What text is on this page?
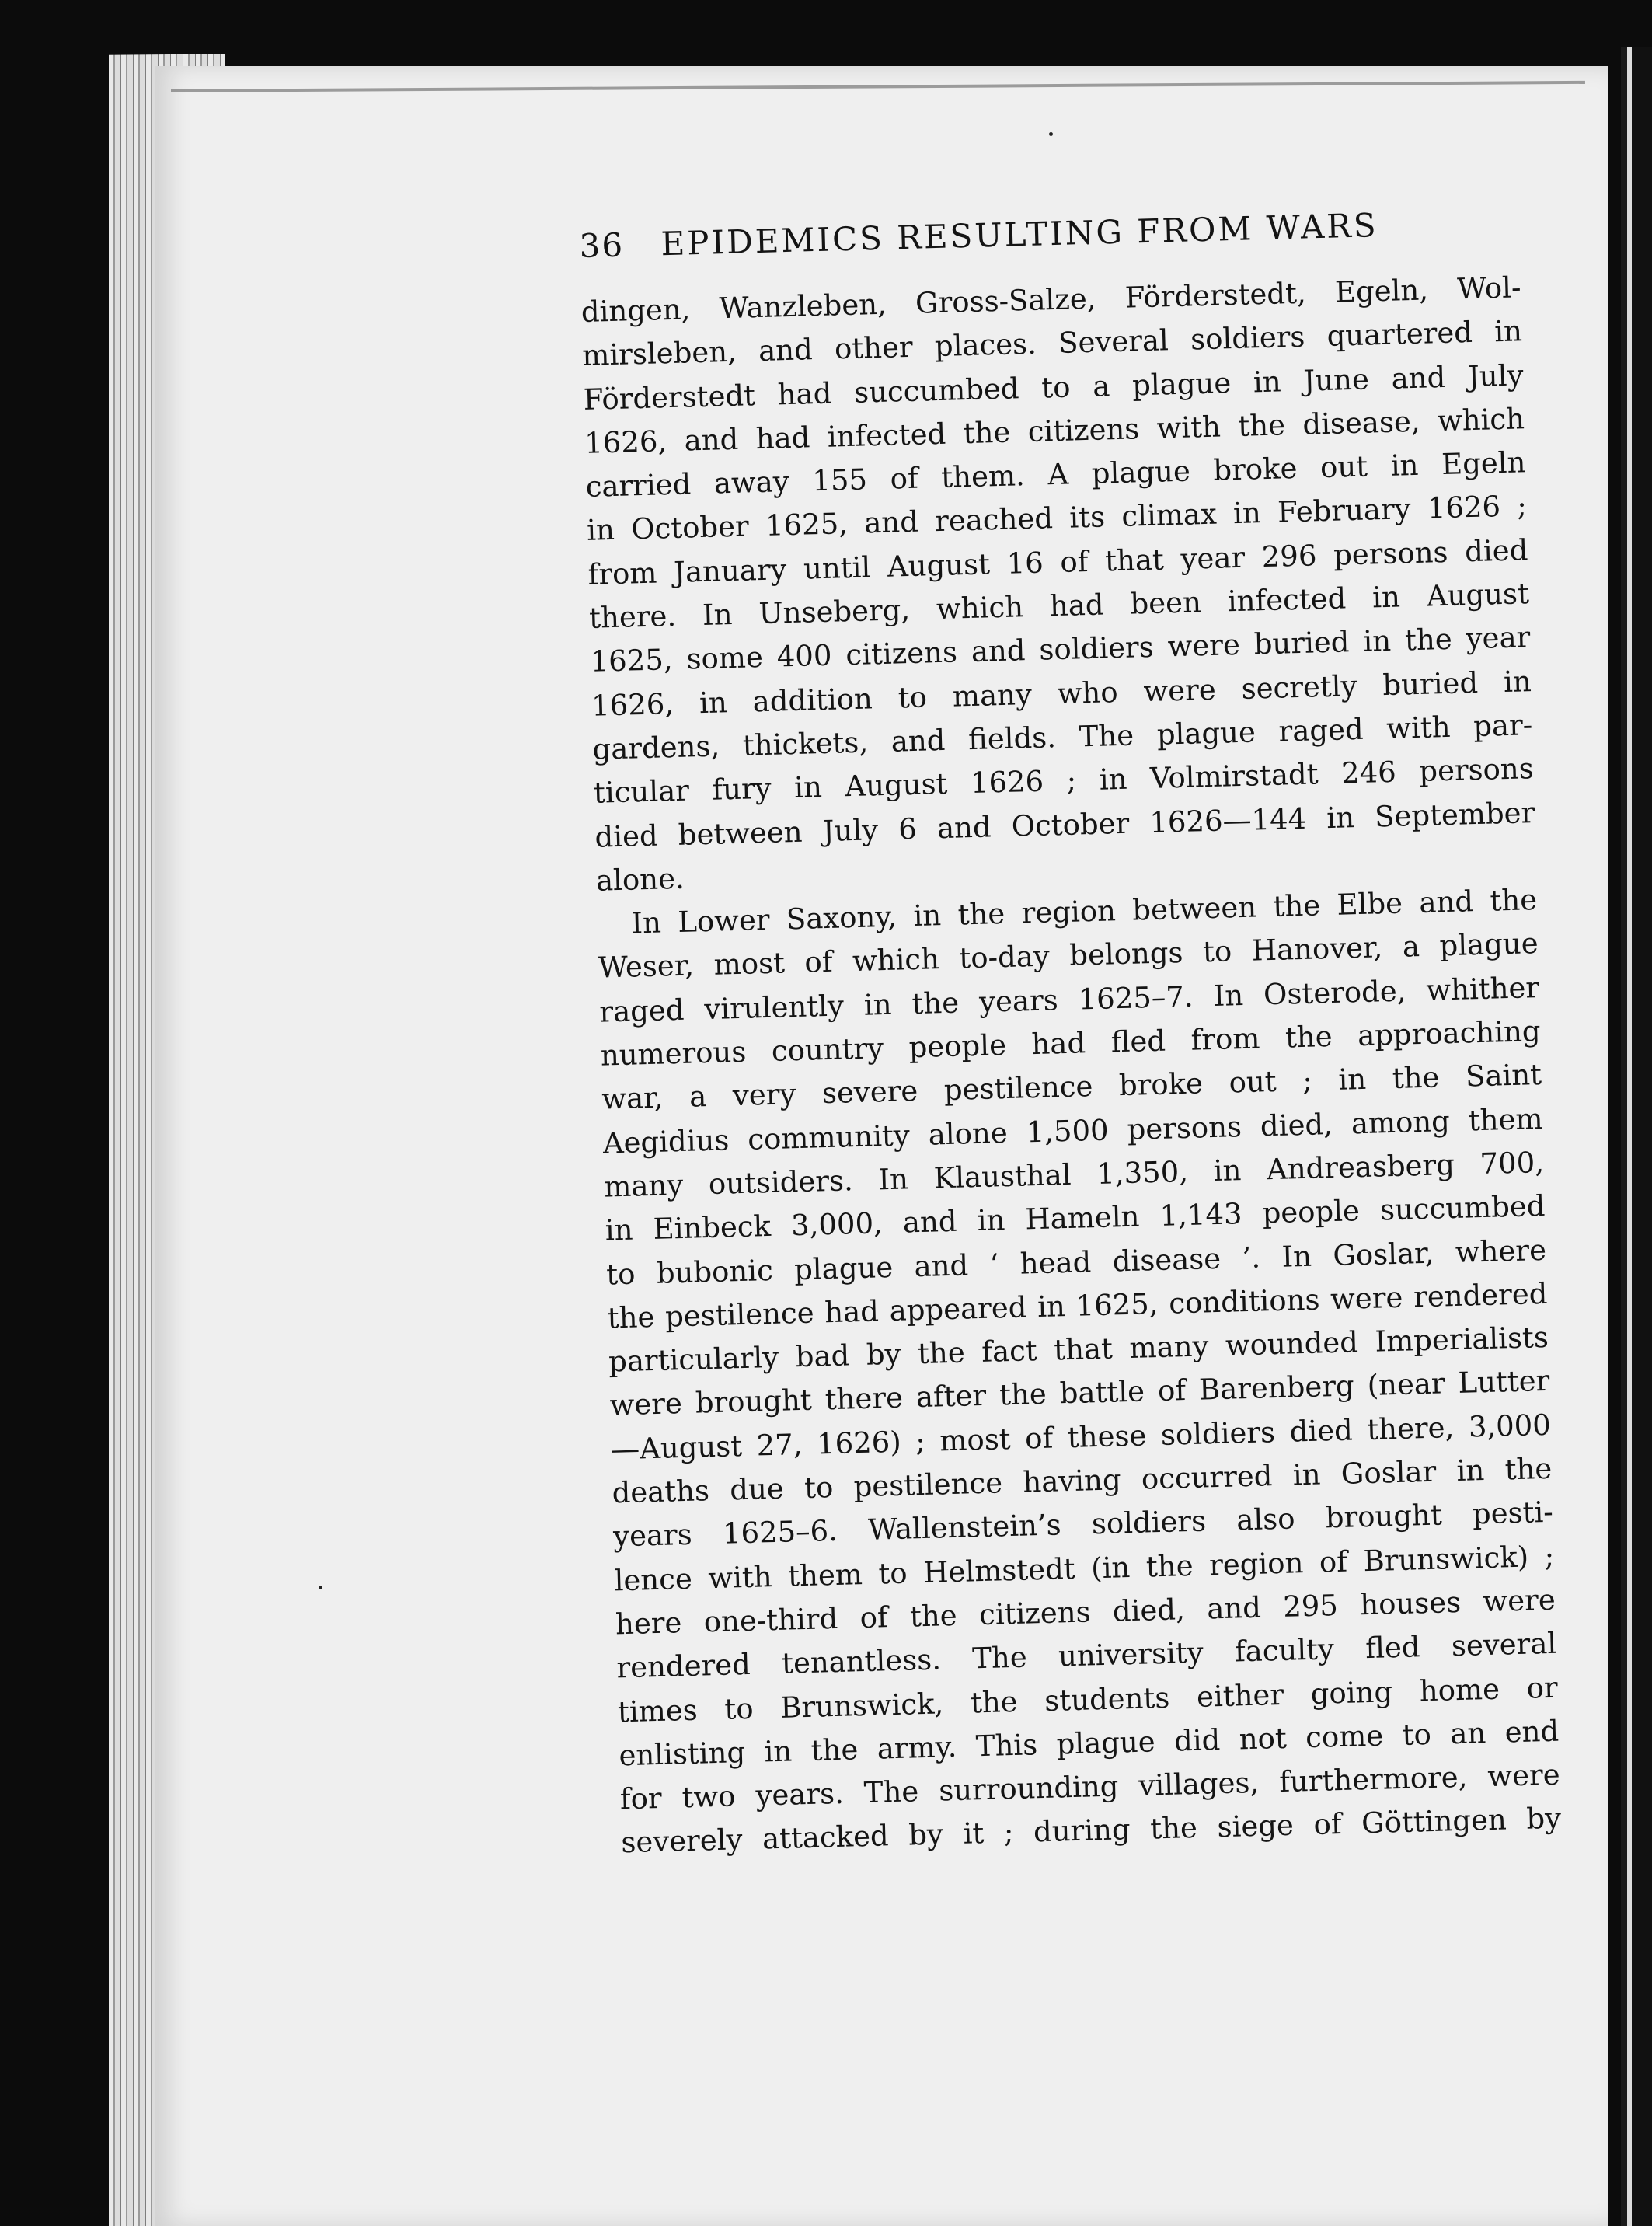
36 EPIDEMICS RESULTING FROM WARS
dingen, Wanzleben, Gross-Salze, Förderstedt, Egeln, Wol-
mirsleben, and other places. Several soldiers quartered in
Förderstedt had succumbed to a plague in June and July
1626, and had infected the citizens with the disease, which
carried away 155 of them. A plague broke out in Egeln
in October 1625, and reached its climax in February 1626 ;
from January until August 16 of that year 296 persons died
there. In Unseberg, which had been infected in August
1625, some 400 citizens and soldiers were buried in the year
1626, in addition to many who were secretly buried in
gardens, thickets, and fields. The plague raged with par-
ticular fury in August 1626 ; in Volmirstadt 246 persons
died between July 6 and October 1626—144 in September
alone.
In Lower Saxony, in the region between the Elbe and the
Weser, most of which to-day belongs to Hanover, a plague
raged virulently in the years 1625–7. In Osterode, whither
numerous country people had fled from the approaching
war, a very severe pestilence broke out ; in the Saint
Aegidius community alone 1,500 persons died, among them
many outsiders. In Klausthal 1,350, in Andreasberg 700,
in Einbeck 3,000, and in Hameln 1,143 people succumbed
to bubonic plague and ‘ head disease ’. In Goslar, where
the pestilence had appeared in 1625, conditions were rendered
particularly bad by the fact that many wounded Imperialists
were brought there after the battle of Barenberg (near Lutter
—August 27, 1626) ; most of these soldiers died there, 3,000
deaths due to pestilence having occurred in Goslar in the
years 1625–6. Wallenstein’s soldiers also brought pesti-
lence with them to Helmstedt (in the region of Brunswick) ;
here one-third of the citizens died, and 295 houses were
rendered tenantless. The university faculty fled several
times to Brunswick, the students either going home or
enlisting in the army. This plague did not come to an end
for two years. The surrounding villages, furthermore, were
severely attacked by it ; during the siege of Göttingen by
